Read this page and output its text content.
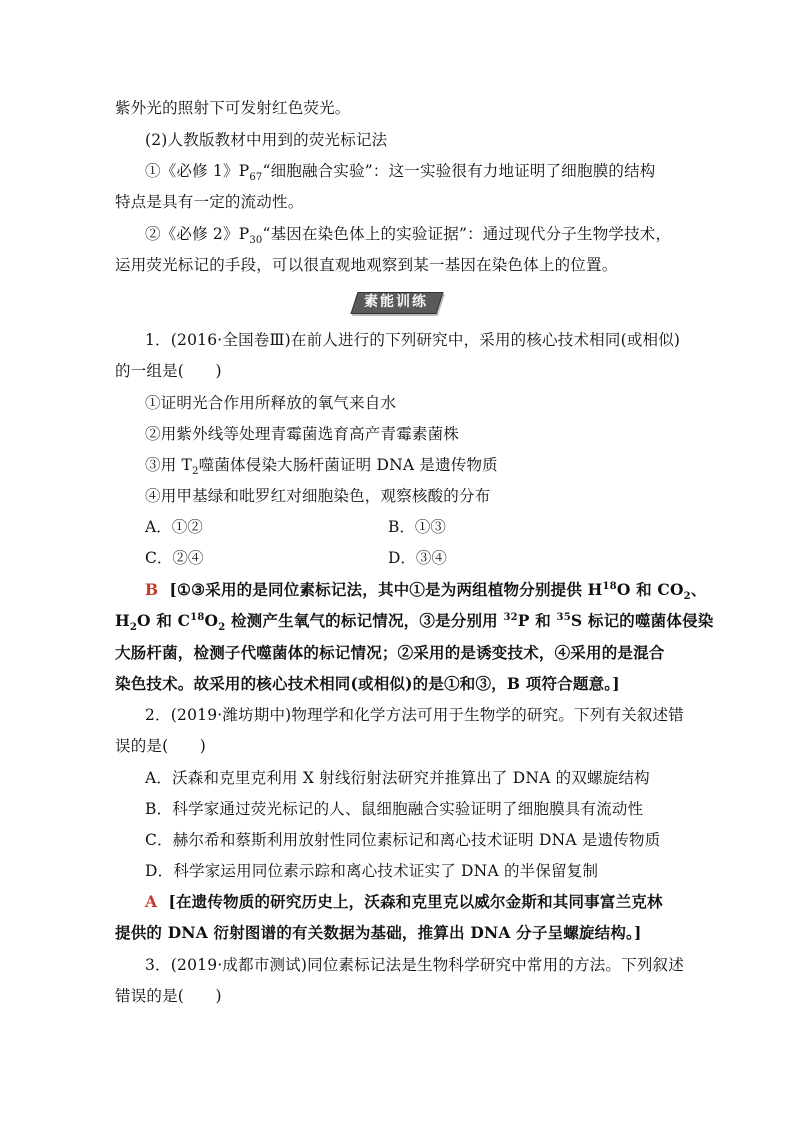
紫外光的照射下可发射红色荧光。
(2)人教版教材中用到的荧光标记法
①《必修 1》$P_{67}“$细胞融合实验”：这一实验很有力地证明了细胞膜的结构
特点是具有一定的流动性。
②《必修 2》$P_{30}“$基因在染色体上的实验证据”：通过现代分子生物学技术，
运用荧光标记的手段，可以很直观地观察到某一基因在染色体上的位置。
素能训练
1．(2016·全国卷Ⅲ)在前人进行的下列研究中，采用的核心技术相同(或相似)
的一组是(　　)
①证明光合作用所释放的氧气来自水
②用紫外线等处理青霉菌选育高产青霉素菌株
③用 $T_2$噬菌体侵染大肠杆菌证明 DNA 是遗传物质
④用甲基绿和吡罗红对细胞染色，观察核酸的分布
A．①②	B．①③
C．②④	D．③④
B [①③采用的是同位素标记法，其中①是为两组植物分别提供 $H^{18}O$ 和 $CO_2$、
$H_2O$ 和 $C^{18}O_2$ 检测产生氧气的标记情况，③是分别用 $^{32}$P 和 $^{35}$S 标记的噬菌体侵染
大肠杆菌，检测子代噬菌体的标记情况；②采用的是诱变技术，④采用的是混合
染色技术。故采用的核心技术相同(或相似)的是①和③，B 项符合题意。]
2．(2019·潍坊期中)物理学和化学方法可用于生物学的研究。下列有关叙述错
误的是(　　)
A．沃森和克里克利用 X 射线衍射法研究并推算出了 DNA 的双螺旋结构
B．科学家通过荧光标记的人、鼠细胞融合实验证明了细胞膜具有流动性
C．赫尔希和蔡斯利用放射性同位素标记和离心技术证明 DNA 是遗传物质
D．科学家运用同位素示踪和离心技术证实了 DNA 的半保留复制
A [在遗传物质的研究历史上，沃森和克里克以威尔金斯和其同事富兰克林
提供的 DNA 衍射图谱的有关数据为基础，推算出 DNA 分子呈螺旋结构。]
3．(2019·成都市测试)同位素标记法是生物科学研究中常用的方法。下列叙述
错误的是(　　)
